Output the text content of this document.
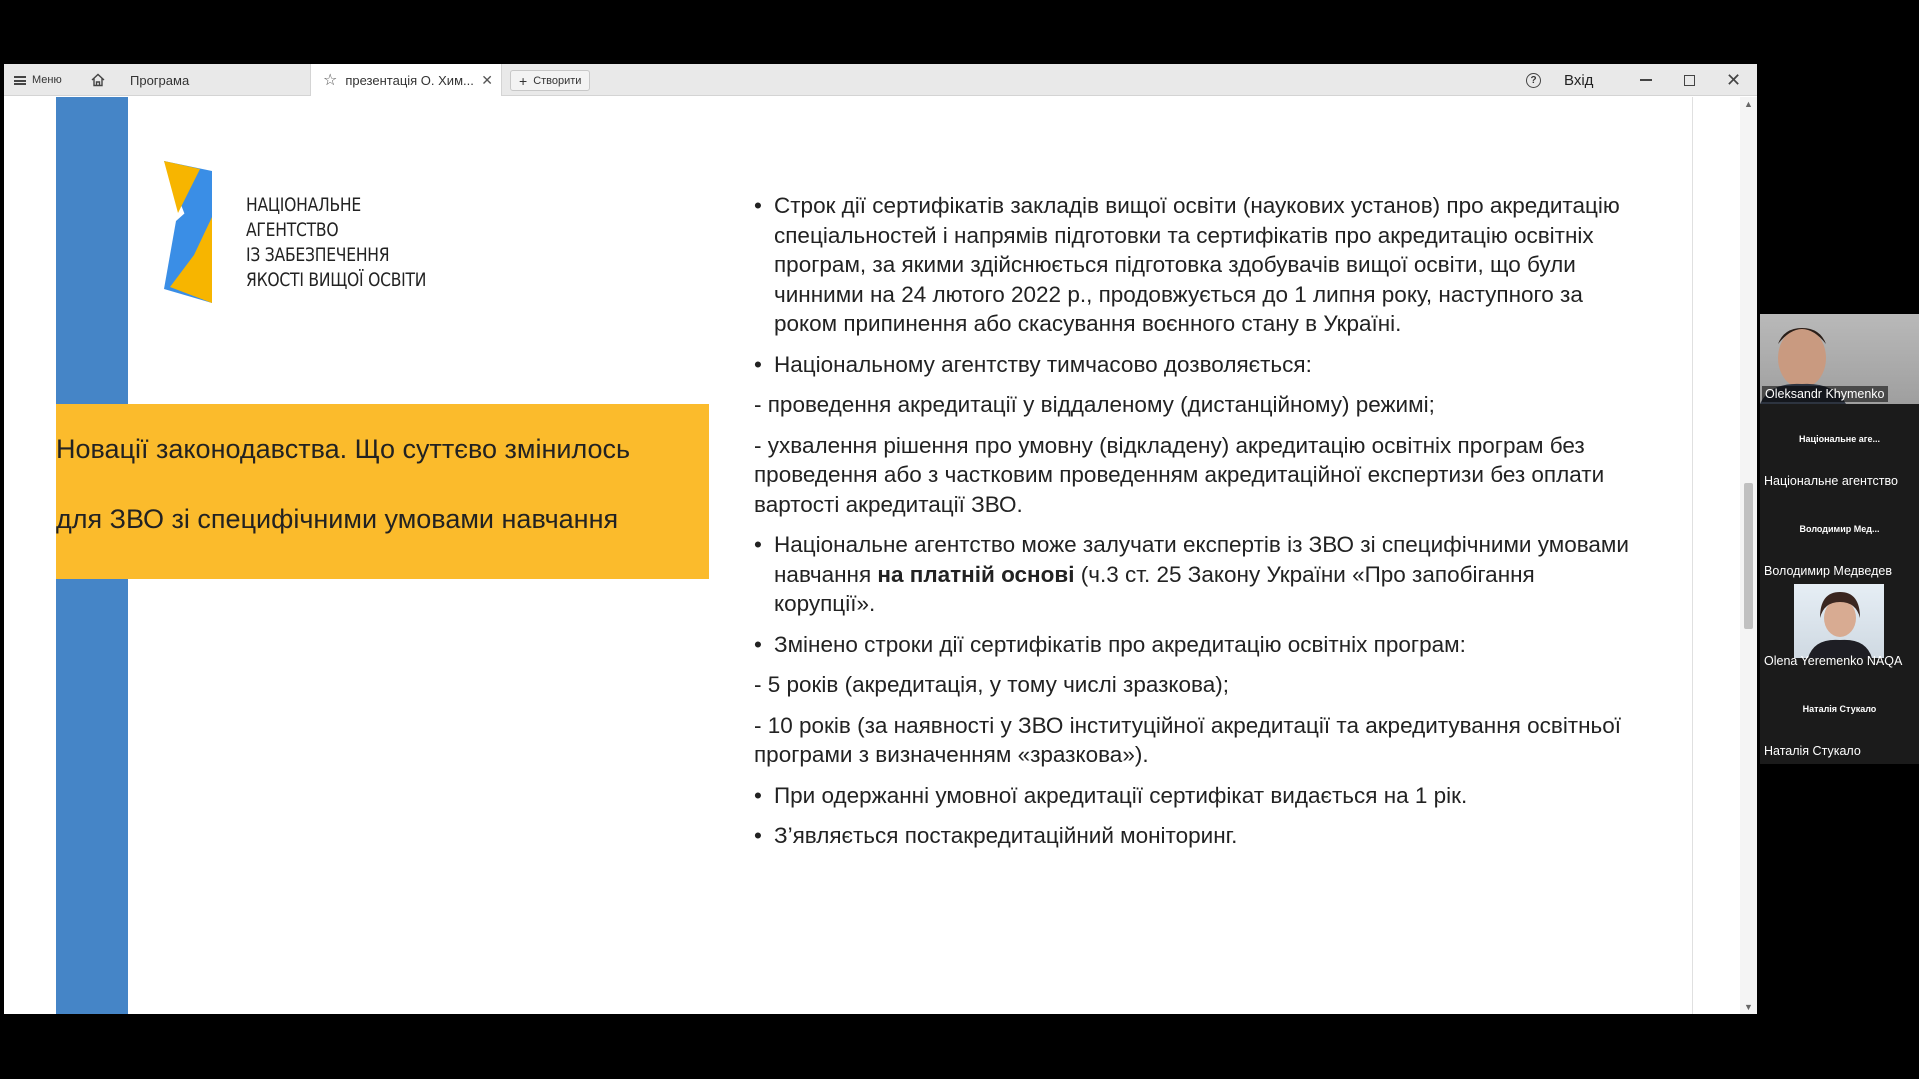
Меню	Програма	☆ презентація О. Хим... ✕ + Створити	? Вхід	✕
НАЦІОНАЛЬНЕ
АГЕНТСТВО
ІЗ ЗАБЕЗПЕЧЕННЯ
ЯКОСТІ ВИЩОЇ ОСВІТИ

Новації законодавства. Що суттєво змінилось

для ЗВО зі специфічними умовами навчання

• Строк дії сертифікатів закладів вищої освіти (наукових установ) про акредитацію спеціальностей і напрямів підготовки та сертифікатів про акредитацію освітніх програм, за якими здійснюється підготовка здобувачів вищої освіти, що були чинними на 24 лютого 2022 р., продовжується до 1 липня року, наступного за роком припинення або скасування воєнного стану в Україні.

• Національному агентству тимчасово дозволяється:

- проведення акредитації у віддаленому (дистанційному) режимі;

- ухвалення рішення про умовну (відкладену) акредитацію освітніх програм без проведення або з частковим проведенням акредитаційної експертизи без оплати вартості акредитації ЗВО.

• Національне агентство може залучати експертів із ЗВО зі специфічними умовами навчання на платній основі (ч.3 ст. 25 Закону України «Про запобігання корупції».

• Змінено строки дії сертифікатів про акредитацію освітніх програм:

- 5 років (акредитація, у тому числі зразкова);

- 10 років (за наявності у ЗВО інституційної акредитації та акредитування освітньої програми з визначенням «зразкова»).

• При одержанні умовної акредитації сертифікат видається на 1 рік.

• З’являється постакредитаційний моніторинг.

▲
▼
Oleksandr Khymenko
Національне аге...
Національне агентство
Володимир Мед...
Володимир Медведев
Olena Yeremenko NAQA
Наталія Стукало
Наталія Стукало
